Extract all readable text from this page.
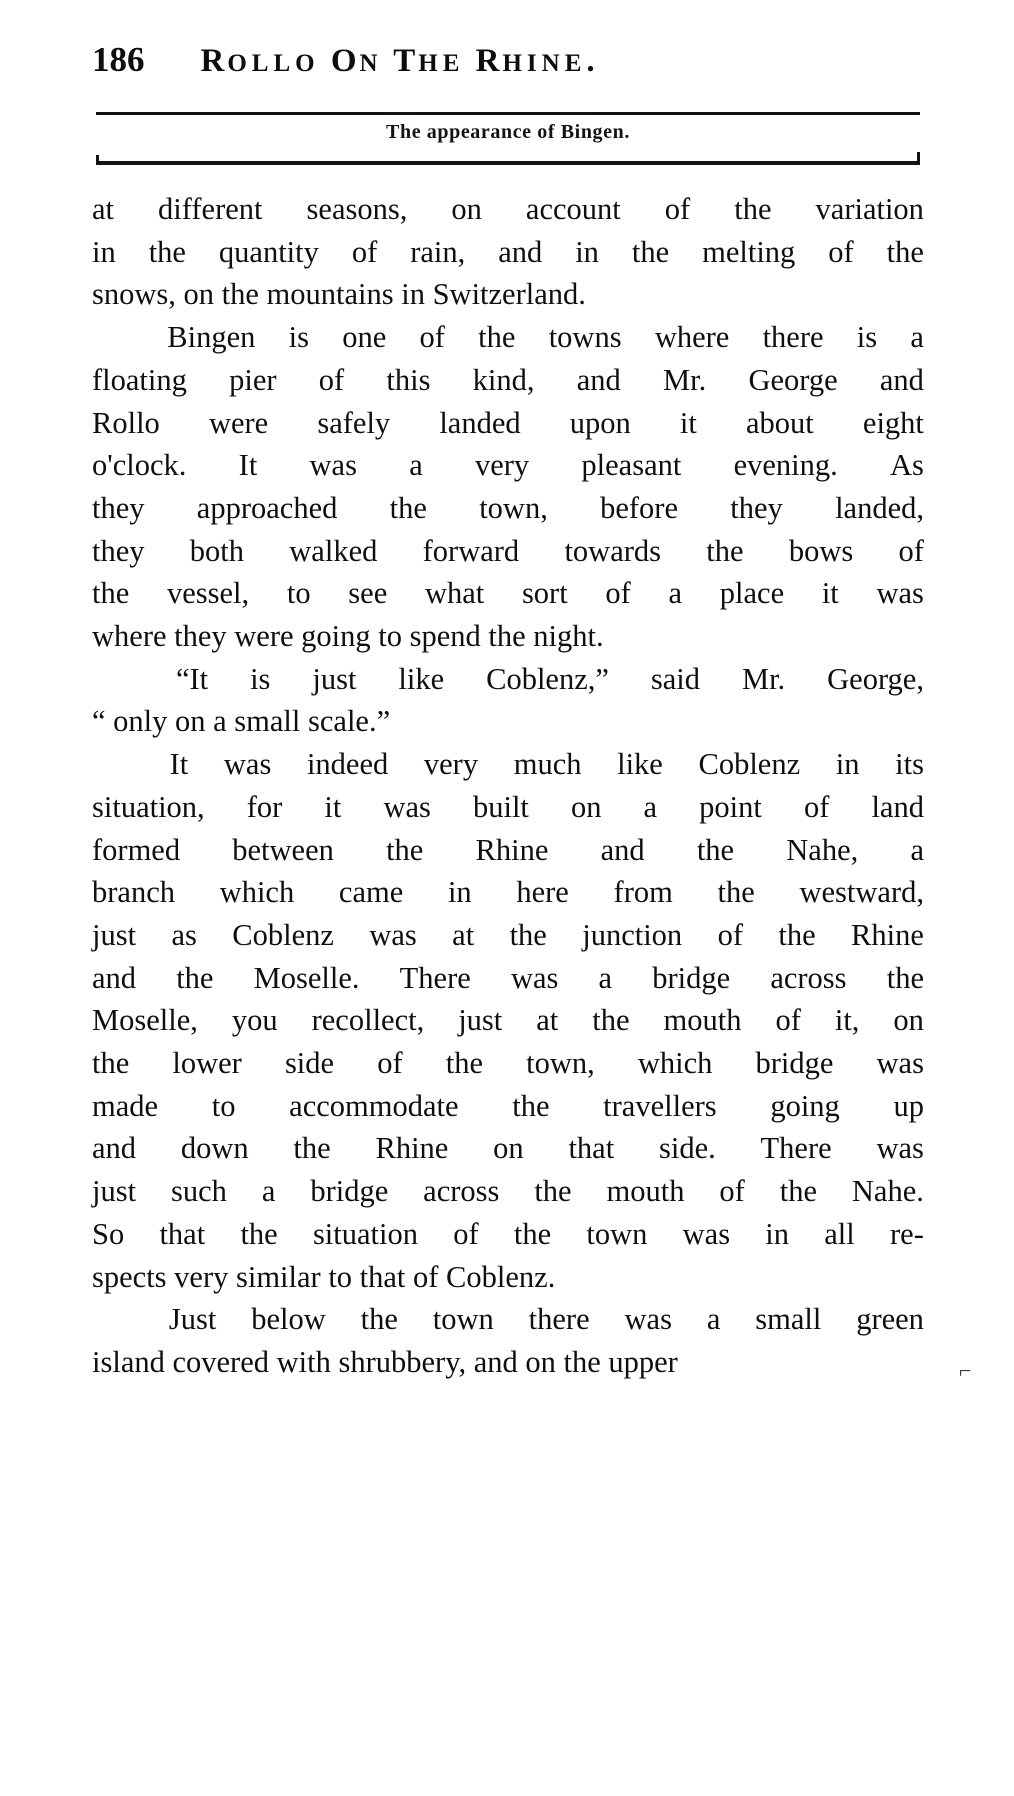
186 ROLLO ON THE RHINE.
The appearance of Bingen.

at different seasons, on account of the variation
in the quantity of rain, and in the melting of the
snows, on the mountains in Switzerland.

Bingen is one of the towns where there is a
floating pier of this kind, and Mr. George and
Rollo were safely landed upon it about eight
o'clock. It was a very pleasant evening. As
they approached the town, before they landed,
they both walked forward towards the bows of
the vessel, to see what sort of a place it was
where they were going to spend the night.

“It is just like Coblenz,” said Mr. George,
“ only on a small scale.”

It was indeed very much like Coblenz in its
situation, for it was built on a point of land
formed between the Rhine and the Nahe, a
branch which came in here from the westward,
just as Coblenz was at the junction of the Rhine
and the Moselle. There was a bridge across the
Moselle, you recollect, just at the mouth of it, on
the lower side of the town, which bridge was
made to accommodate the travellers going up
and down the Rhine on that side. There was
just such a bridge across the mouth of the Nahe.
So that the situation of the town was in all re-
spects very similar to that of Coblenz.

Just below the town there was a small green
island covered with shrubbery, and on the upper	⌐
